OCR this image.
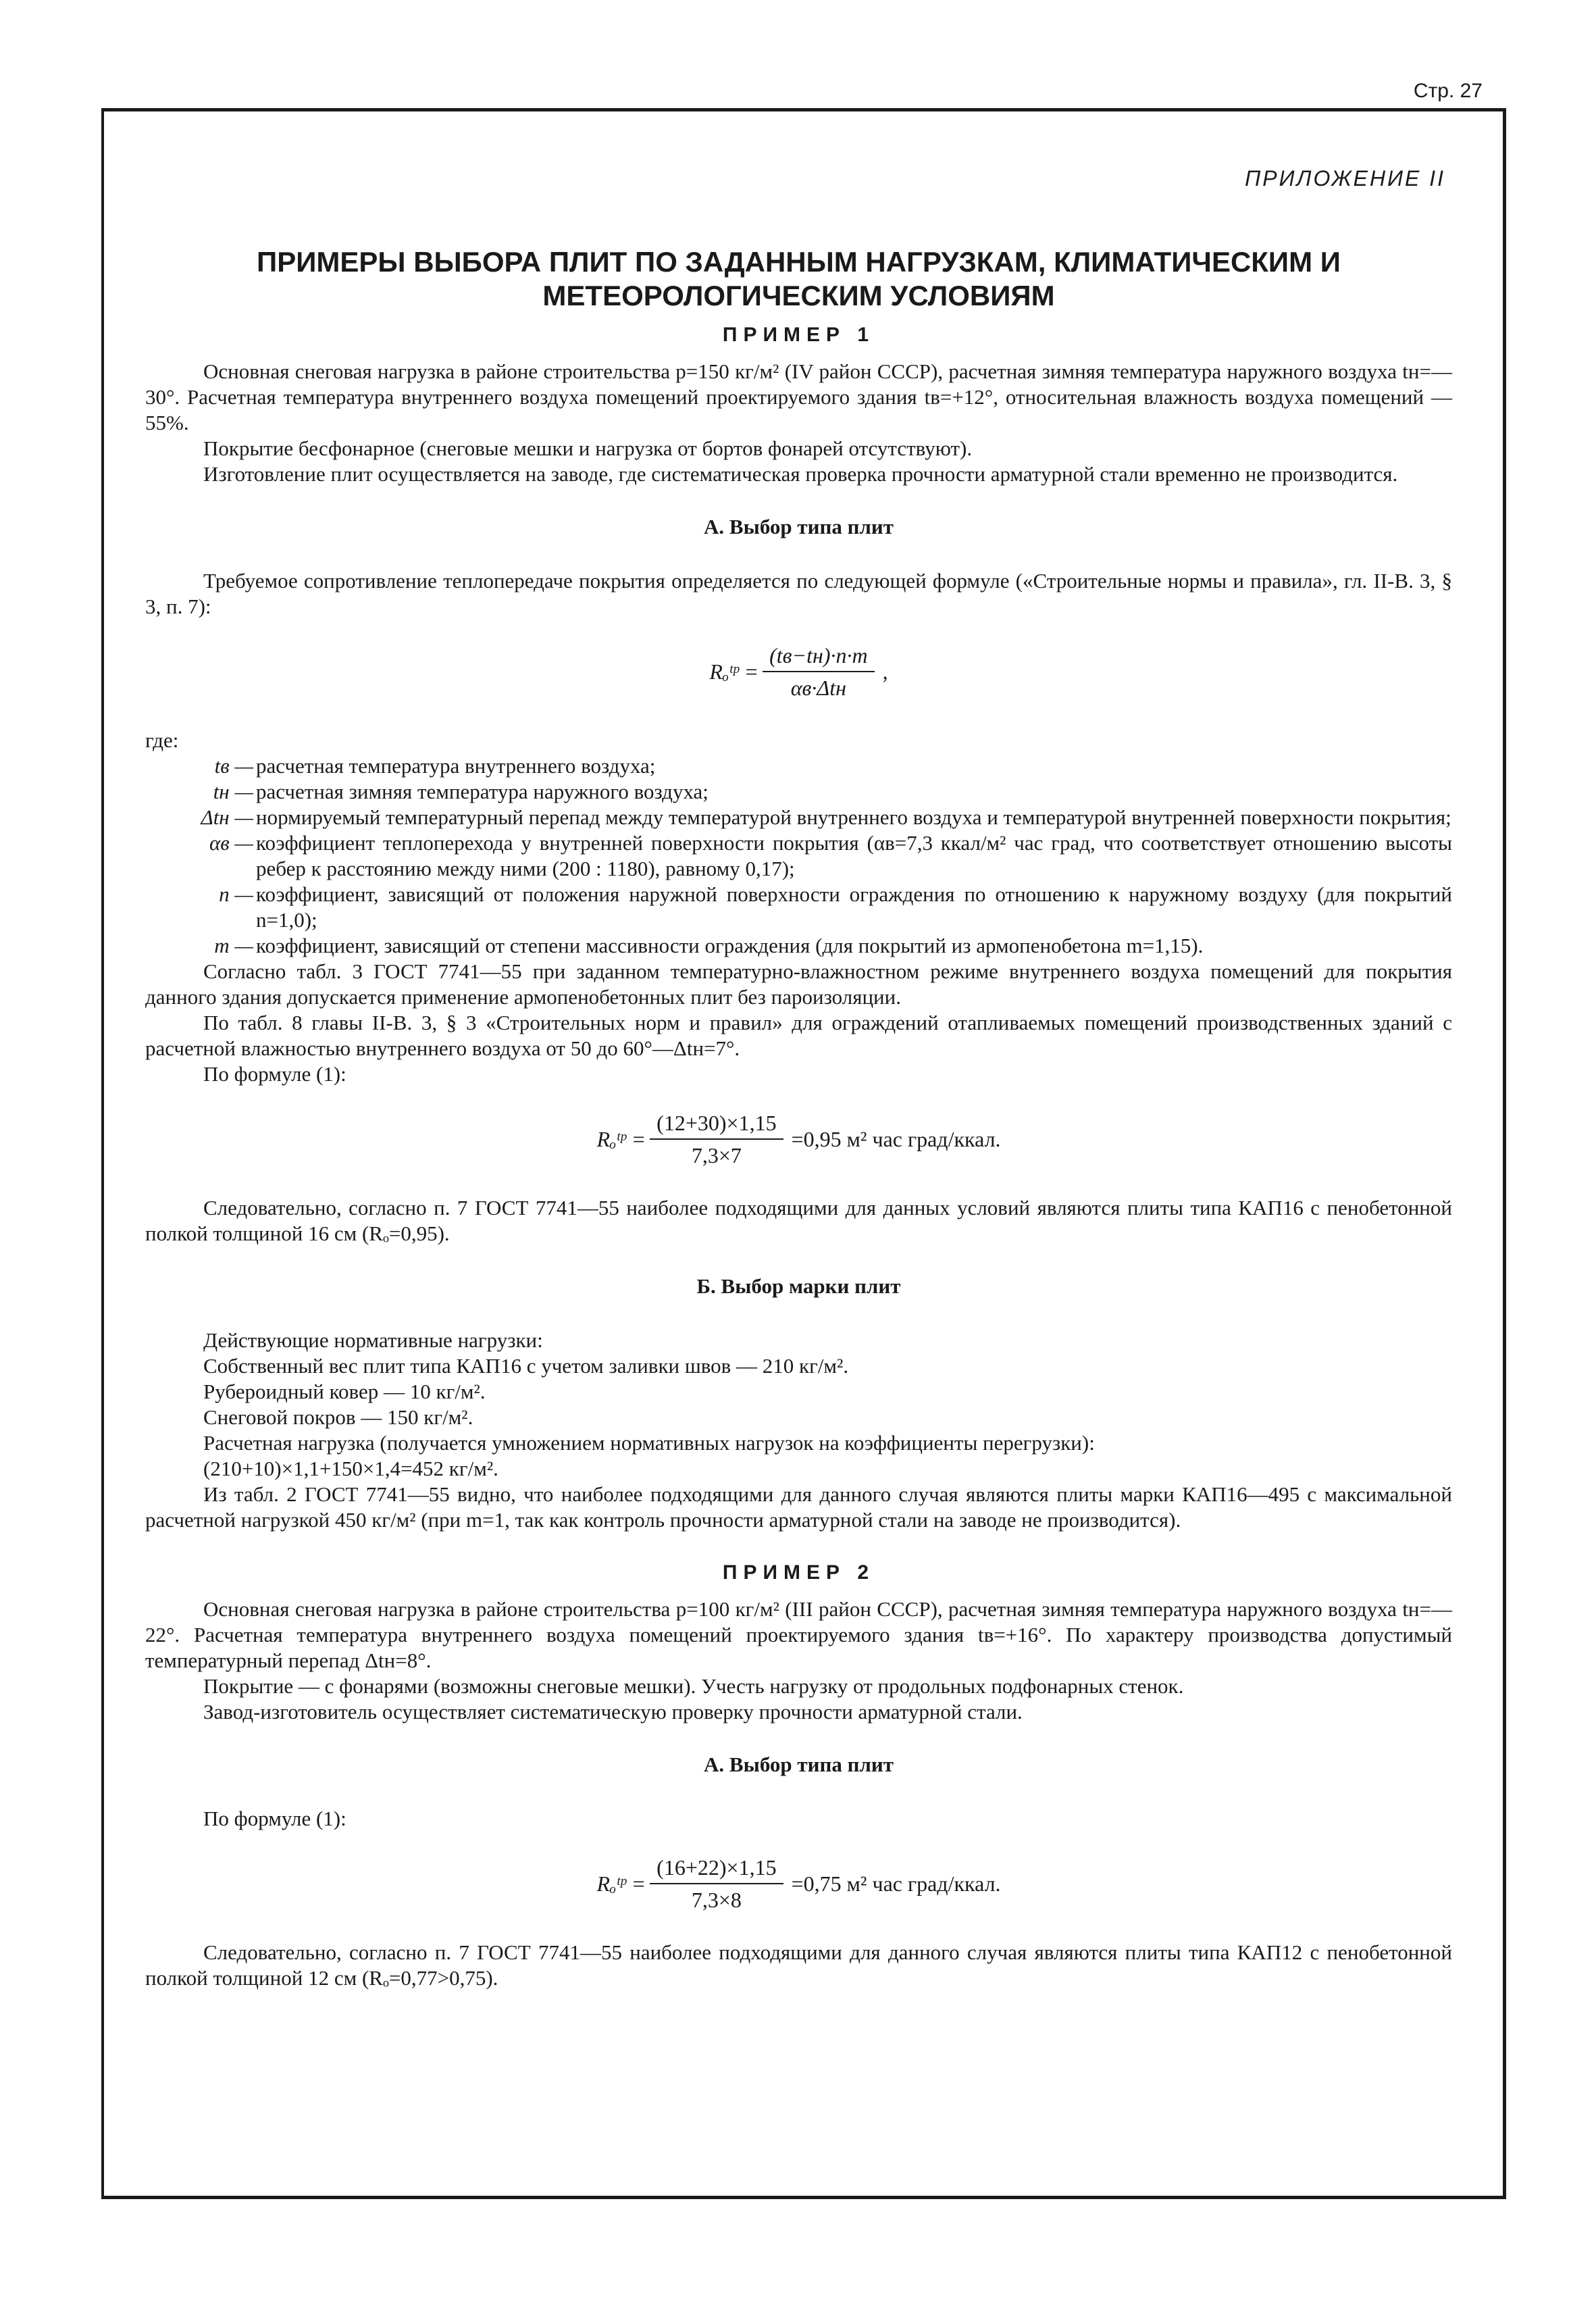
Стр. 27
ПРИЛОЖЕНИЕ II
ПРИМЕРЫ ВЫБОРА ПЛИТ ПО ЗАДАННЫМ НАГРУЗКАМ, КЛИМАТИЧЕСКИМ И МЕТЕОРОЛОГИЧЕСКИМ УСЛОВИЯМ
ПРИМЕР 1

Основная снеговая нагрузка в районе строительства p=150 кг/м² (IV район СССР), расчетная зимняя температура наружного воздуха tн=—30°. Расчетная температура внутреннего воздуха помещений проектируемого здания tв=+12°, относительная влажность воздуха помещений — 55%.

Покрытие бесфонарное (снеговые мешки и нагрузка от бортов фонарей отсутствуют).

Изготовление плит осуществляется на заводе, где систематическая проверка прочности арматурной стали временно не производится.

А. Выбор типа плит

Требуемое сопротивление теплопередаче покрытия определяется по следующей формуле («Строительные нормы и правила», гл. II-В. 3, § 3, п. 7):

Rₒᵗᵖ = $\frac{(tв-tн)\cdot n\cdot m}{\text{αв·Δtн}}$ ,

где:

tв — расчетная температура внутреннего воздуха;
tн — расчетная зимняя температура наружного воздуха;
Δtн — нормируемый температурный перепад между температурой внутреннего воздуха и температурой внутренней поверхности покрытия;
αв — коэффициент теплоперехода у внутренней поверхности покрытия (αв=7,3 ккал/м² час град, что соответствует отношению высоты ребер к расстоянию между ними (200 : 1180), равному 0,17);
n — коэффициент, зависящий от положения наружной поверхности ограждения по отношению к наружному воздуху (для покрытий n=1,0);
m — коэффициент, зависящий от степени массивности ограждения (для покрытий из армопенобетона m=1,15).

Согласно табл. 3 ГОСТ 7741—55 при заданном температурно-влажностном режиме внутреннего воздуха помещений для покрытия данного здания допускается применение армопенобетонных плит без пароизоляции.

По табл. 8 главы II-В. 3, § 3 «Строительных норм и правил» для ограждений отапливаемых помещений производственных зданий с расчетной влажностью внутреннего воздуха от 50 до 60°—Δtн=7°.

По формуле (1):

Rₒᵗᵖ = $\frac{(12+30)\times 1,15}{7,3\times 7} =0,95$ м² час град/ккал.

Следовательно, согласно п. 7 ГОСТ 7741—55 наиболее подходящими для данных условий являются плиты типа КАП16 с пенобетонной полкой толщиной 16 см (Rₒ=0,95).

Б. Выбор марки плит

Действующие нормативные нагрузки:

Собственный вес плит типа КАП16 с учетом заливки швов — 210 кг/м².

Рубероидный ковер — 10 кг/м².

Снеговой покров — 150 кг/м².

Расчетная нагрузка (получается умножением нормативных нагрузок на коэффициенты перегрузки):

(210+10)×1,1+150×1,4=452 кг/м².

Из табл. 2 ГОСТ 7741—55 видно, что наиболее подходящими для данного случая являются плиты марки КАП16—495 с максимальной расчетной нагрузкой 450 кг/м² (при m=1, так как контроль прочности арматурной стали на заводе не производится).

ПРИМЕР 2

Основная снеговая нагрузка в районе строительства p=100 кг/м² (III район СССР), расчетная зимняя температура наружного воздуха tн=—22°. Расчетная температура внутреннего воздуха помещений проектируемого здания tв=+16°. По характеру производства допустимый температурный перепад Δtн=8°.

Покрытие — с фонарями (возможны снеговые мешки). Учесть нагрузку от продольных подфонарных стенок.

Завод-изготовитель осуществляет систематическую проверку прочности арматурной стали.

А. Выбор типа плит

По формуле (1):

Rₒᵗᵖ = $\frac{(16+22)\times 1,15}{7,3\times 8} =0,75$ м² час град/ккал.

Следовательно, согласно п. 7 ГОСТ 7741—55 наиболее подходящими для данного случая являются плиты типа КАП12 с пенобетонной полкой толщиной 12 см (Rₒ=0,77>0,75).
